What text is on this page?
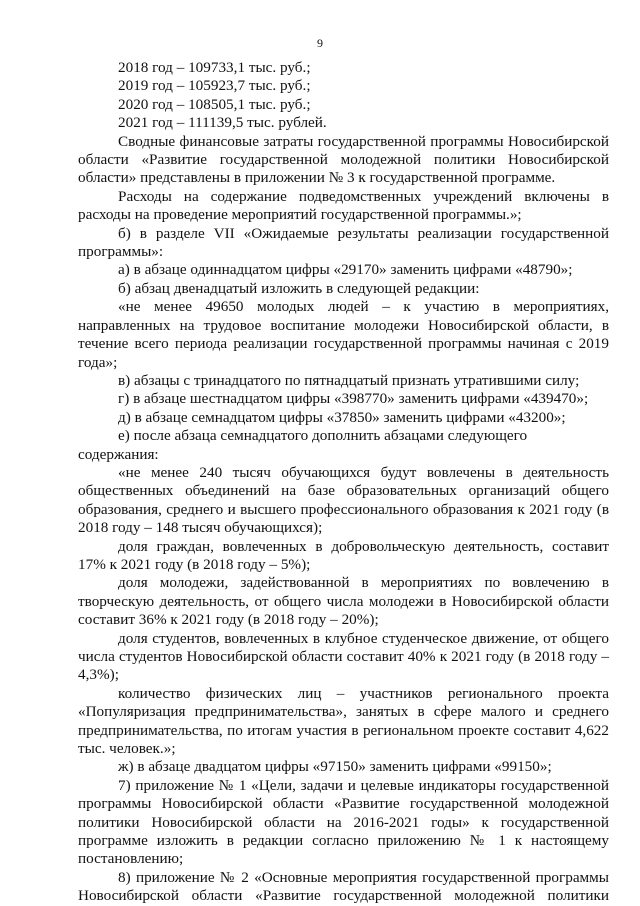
9

2018 год – 109733,1 тыс. руб.;

2019 год – 105923,7 тыс. руб.;

2020 год – 108505,1 тыс. руб.;

2021 год – 111139,5 тыс. рублей.

Сводные финансовые затраты государственной программы Новосибирской области «Развитие государственной молодежной политики Новосибирской области» представлены в приложении № 3 к государственной программе.

Расходы на содержание подведомственных учреждений включены в расходы на проведение мероприятий государственной программы.»;

б) в разделе VII «Ожидаемые результаты реализации государственной программы»:

а) в абзаце одиннадцатом цифры «29170» заменить цифрами «48790»;

б) абзац двенадцатый изложить в следующей редакции:

«не менее 49650 молодых людей – к участию в мероприятиях, направленных на трудовое воспитание молодежи Новосибирской области, в течение всего периода реализации государственной программы начиная с 2019 года»;

в) абзацы с тринадцатого по пятнадцатый признать утратившими силу;

г) в абзаце шестнадцатом цифры «398770» заменить цифрами «439470»;

д) в абзаце семнадцатом цифры «37850» заменить цифрами «43200»;

е) после абзаца семнадцатого дополнить абзацами следующего содержания:

«не менее 240 тысяч обучающихся будут вовлечены в деятельность общественных объединений на базе образовательных организаций общего образования, среднего и высшего профессионального образования к 2021 году (в 2018 году – 148 тысяч обучающихся);

доля граждан, вовлеченных в добровольческую деятельность, составит 17% к 2021 году (в 2018 году – 5%);

доля молодежи, задействованной в мероприятиях по вовлечению в творческую деятельность, от общего числа молодежи в Новосибирской области составит 36% к 2021 году (в 2018 году – 20%);

доля студентов, вовлеченных в клубное студенческое движение, от общего числа студентов Новосибирской области составит 40% к 2021 году (в 2018 году – 4,3%);

количество физических лиц – участников регионального проекта «Популяризация предпринимательства», занятых в сфере малого и среднего предпринимательства, по итогам участия в региональном проекте составит 4,622 тыс. человек.»;

ж) в абзаце двадцатом цифры «97150» заменить цифрами «99150»;

7) приложение № 1 «Цели, задачи и целевые индикаторы государственной программы Новосибирской области «Развитие государственной молодежной политики Новосибирской области на 2016-2021 годы» к государственной программе изложить в редакции согласно приложению № 1 к настоящему постановлению;

8) приложение № 2 «Основные мероприятия государственной программы Новосибирской области «Развитие государственной молодежной политики
